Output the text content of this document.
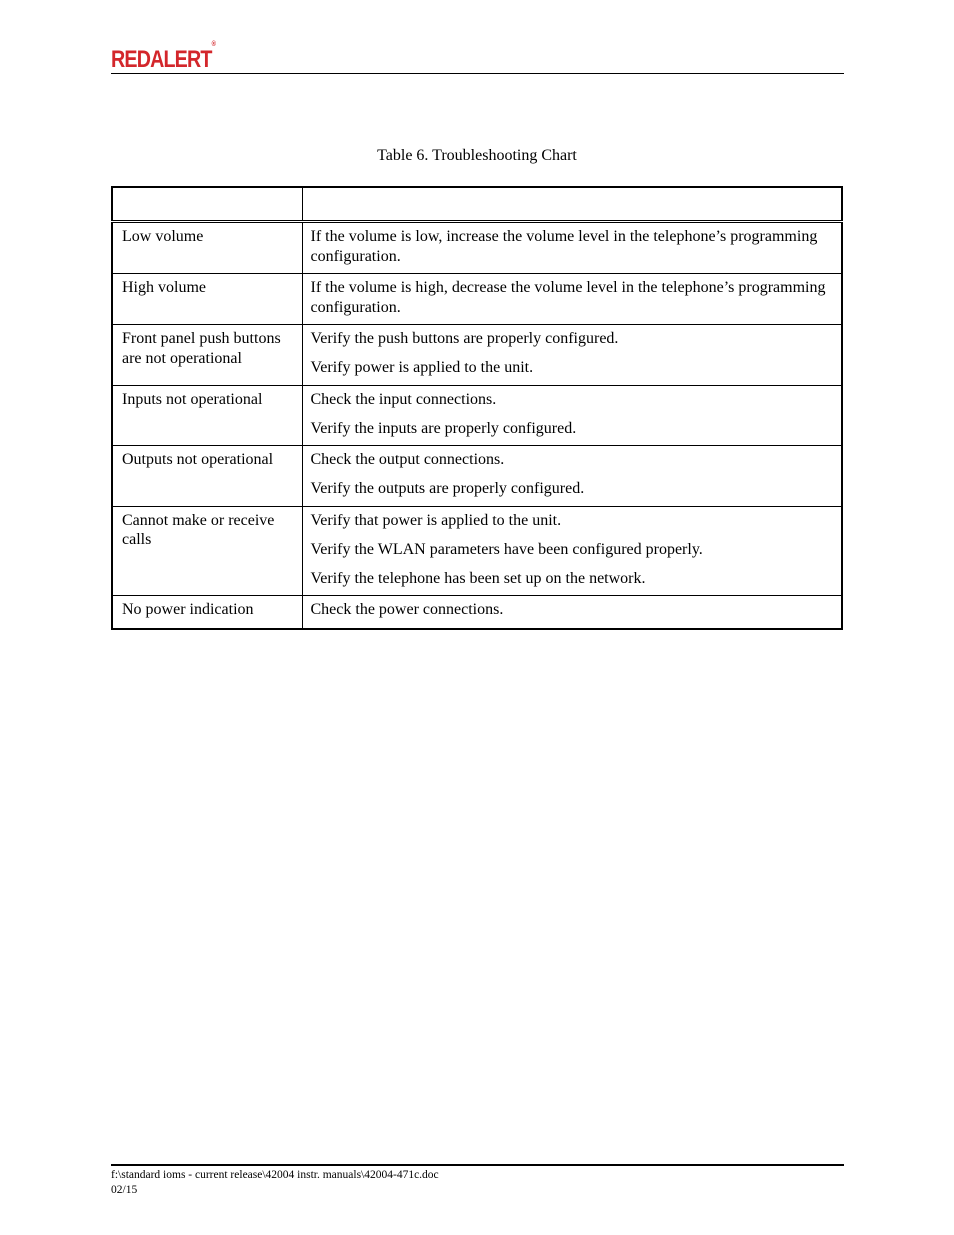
REDALERT®
Table 6. Troubleshooting Chart

Low volume	If the volume is low, increase the volume level in the telephone’s programming configuration.

High volume	If the volume is high, decrease the volume level in the telephone’s programming configuration.

Front panel push buttons are not operational	Verify the push buttons are properly configured.

Verify power is applied to the unit.

Inputs not operational	Check the input connections.

Verify the inputs are properly configured.

Outputs not operational	Check the output connections.

Verify the outputs are properly configured.

Cannot make or receive calls	Verify that power is applied to the unit.

Verify the WLAN parameters have been configured properly.

Verify the telephone has been set up on the network.

No power indication	Check the power connections.

f:\standard ioms - current release\42004 instr. manuals\42004-471c.doc
02/15
